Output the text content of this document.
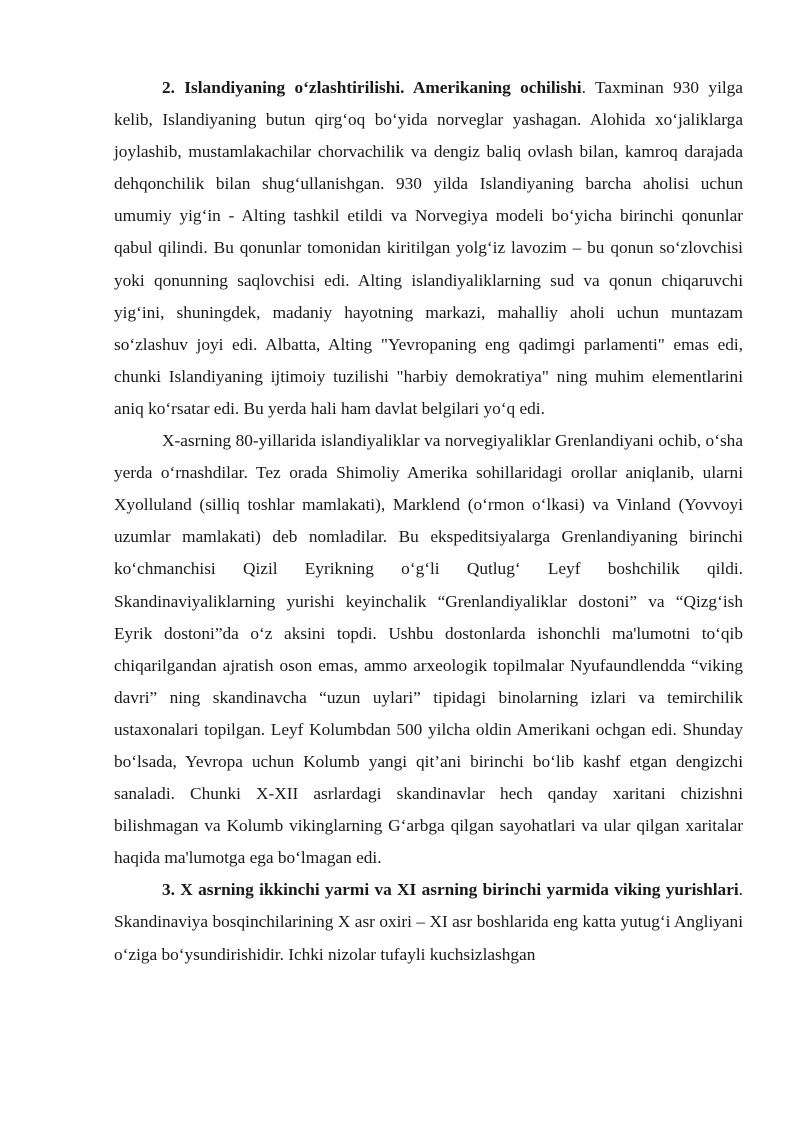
2. Islandiyaning o‘zlashtirilishi. Amerikaning ochilishi. Taxminan 930 yilga kelib, Islandiyaning butun qirg‘oq bo‘yida norveglar yashagan. Alohida xo‘jaliklarga joylashib, mustamlakachilar chorvachilik va dengiz baliq ovlash bilan, kamroq darajada dehqonchilik bilan shug‘ullanishgan. 930 yilda Islandiyaning barcha aholisi uchun umumiy yig‘in - Alting tashkil etildi va Norvegiya modeli bo‘yicha birinchi qonunlar qabul qilindi. Bu qonunlar tomonidan kiritilgan yolg‘iz lavozim – bu qonun so‘zlovchisi yoki qonunning saqlovchisi edi. Alting islandiyaliklarning sud va qonun chiqaruvchi yig‘ini, shuningdek, madaniy hayotning markazi, mahalliy aholi uchun muntazam so‘zlashuv joyi edi. Albatta, Alting "Yevropaning eng qadimgi parlamenti" emas edi, chunki Islandiyaning ijtimoiy tuzilishi "harbiy demokratiya" ning muhim elementlarini aniq ko‘rsatar edi. Bu yerda hali ham davlat belgilari yo‘q edi.

X-asrning 80-yillarida islandiyaliklar va norvegiyaliklar Grenlandiyani ochib, o‘sha yerda o‘rnashdilar. Tez orada Shimoliy Amerika sohillaridagi orollar aniqlanib, ularni Xyolluland (silliq toshlar mamlakati), Marklend (o‘rmon o‘lkasi) va Vinland (Yovvoyi uzumlar mamlakati) deb nomladilar. Bu ekspeditsiyalarga Grenlandiyaning birinchi ko‘chmanchisi Qizil Eyrikning o‘g‘li Qutlug‘ Leyf boshchilik qildi. Skandinaviyaliklarning yurishi keyinchalik “Grenlandiyaliklar dostoni” va “Qizg‘ish Eyrik dostoni”da o‘z aksini topdi. Ushbu dostonlarda ishonchli ma'lumotni to‘qib chiqarilgandan ajratish oson emas, ammo arxeologik topilmalar Nyufaundlendda “viking davri” ning skandinavcha “uzun uylari” tipidagi binolarning izlari va temirchilik ustaxonalari topilgan. Leyf Kolumbdan 500 yilcha oldin Amerikani ochgan edi. Shunday bo‘lsada, Yevropa uchun Kolumb yangi qit’ani birinchi bo‘lib kashf etgan dengizchi sanaladi. Chunki X-XII asrlardagi skandinavlar hech qanday xaritani chizishni bilishmagan va Kolumb vikinglarning G‘arbga qilgan sayohatlari va ular qilgan xaritalar haqida ma'lumotga ega bo‘lmagan edi.

3. X asrning ikkinchi yarmi va XI asrning birinchi yarmida viking yurishlari. Skandinaviya bosqinchilarining X asr oxiri – XI asr boshlarida eng katta yutug‘i Angliyani o‘ziga bo‘ysundirishidir. Ichki nizolar tufayli kuchsizlashgan
